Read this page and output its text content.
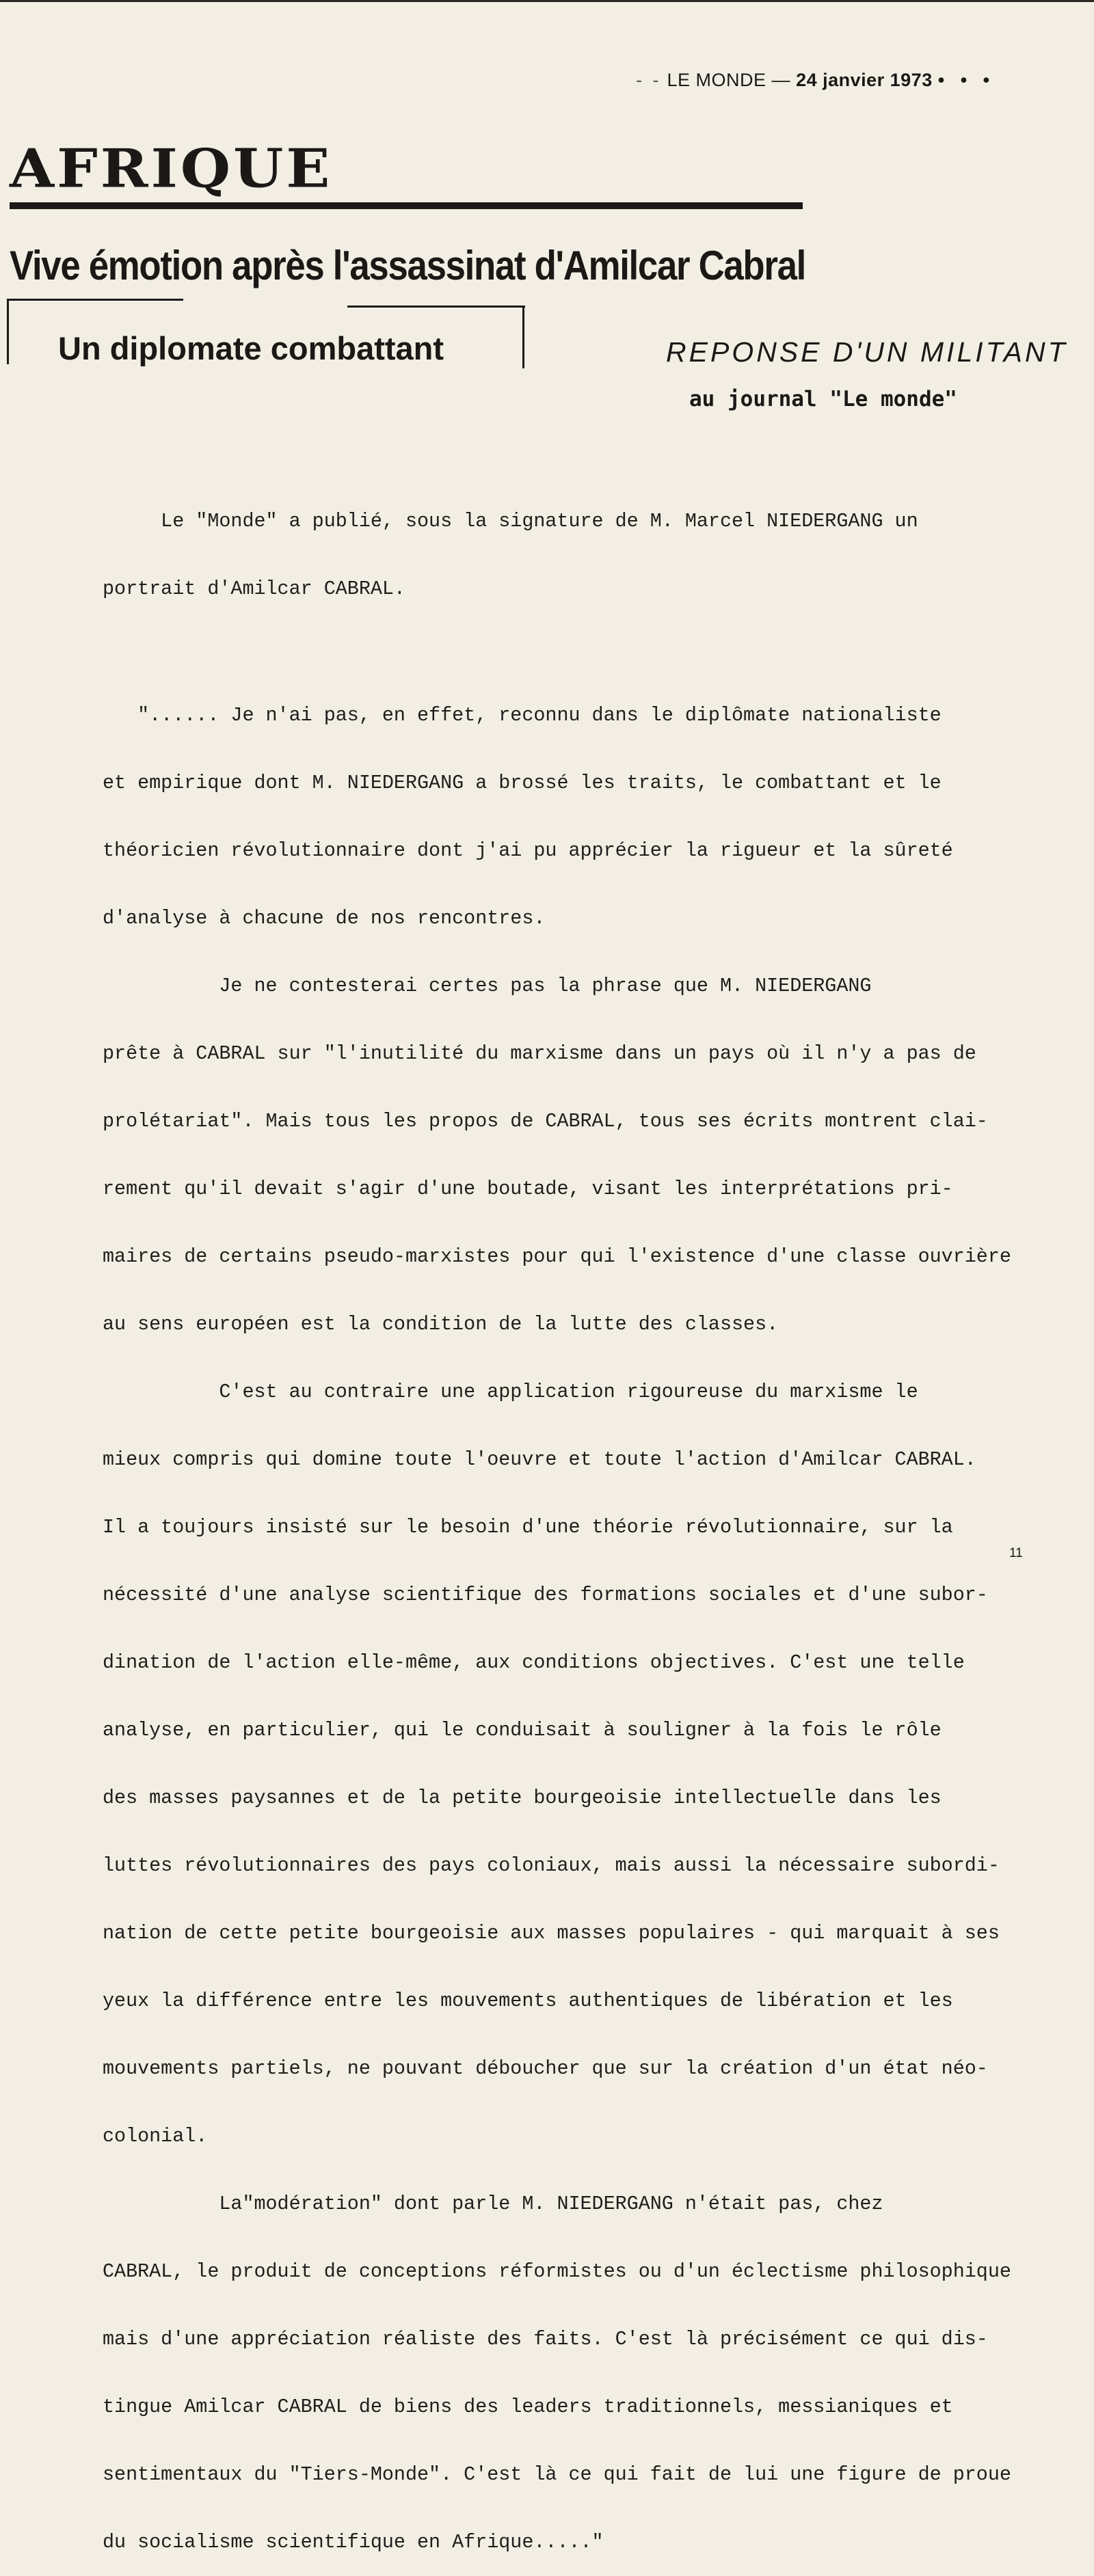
- - LE MONDE — 24 janvier 1973 • • •
AFRIQUE
Vive émotion après l'assassinat d'Amilcar Cabral
Un diplomate combattant	REPONSE D'UN MILITANT
au journal "Le monde"

Le "Monde" a publié, sous la signature de M. Marcel NIEDERGANG un

portrait d'Amilcar CABRAL.

"...... Je n'ai pas, en effet, reconnu dans le diplômate nationaliste

et empirique dont M. NIEDERGANG a brossé les traits, le combattant et le

théoricien révolutionnaire dont j'ai pu apprécier la rigueur et la sûreté

d'analyse à chacune de nos rencontres.

Je ne contesterai certes pas la phrase que M. NIEDERGANG

prête à CABRAL sur "l'inutilité du marxisme dans un pays où il n'y a pas de

prolétariat". Mais tous les propos de CABRAL, tous ses écrits montrent clai-

rement qu'il devait s'agir d'une boutade, visant les interprétations pri-

maires de certains pseudo-marxistes pour qui l'existence d'une classe ouvrière

au sens européen est la condition de la lutte des classes.

C'est au contraire une application rigoureuse du marxisme le

mieux compris qui domine toute l'oeuvre et toute l'action d'Amilcar CABRAL.

Il a toujours insisté sur le besoin d'une théorie révolutionnaire, sur la

nécessité d'une analyse scientifique des formations sociales et d'une subor-

dination de l'action elle-même, aux conditions objectives. C'est une telle

analyse, en particulier, qui le conduisait à souligner à la fois le rôle

des masses paysannes et de la petite bourgeoisie intellectuelle dans les

luttes révolutionnaires des pays coloniaux, mais aussi la nécessaire subordi-

nation de cette petite bourgeoisie aux masses populaires - qui marquait à ses

yeux la différence entre les mouvements authentiques de libération et les

mouvements partiels, ne pouvant déboucher que sur la création d'un état néo-

colonial.

La"modération" dont parle M. NIEDERGANG n'était pas, chez

CABRAL, le produit de conceptions réformistes ou d'un éclectisme philosophique

mais d'une appréciation réaliste des faits. C'est là précisément ce qui dis-

tingue Amilcar CABRAL de biens des leaders traditionnels, messianiques et

sentimentaux du "Tiers-Monde". C'est là ce qui fait de lui une figure de proue

du socialisme scientifique en Afrique....."

11
